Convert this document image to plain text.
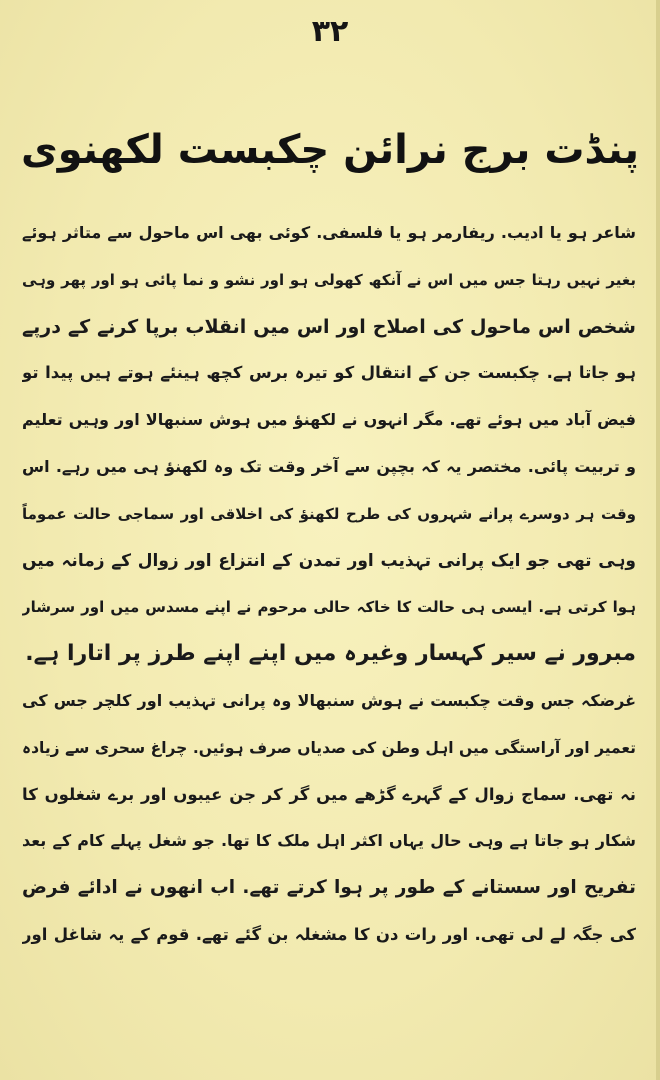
۳۲
پنڈت برج نرائن چکبست لکھنوی
شاعر ہو یا ادیب. ریفارمر ہو یا فلسفی. کوئی بھی اس ماحول سے متاثر ہوئے
بغیر نہیں رہتا جس میں اس نے آنکھ کھولی ہو اور نشو و نما پائی ہو اور پھر وہی
شخص اس ماحول کی اصلاح اور اس میں انقلاب برپا کرنے کے درپے
ہو جاتا ہے. چکبست جن کے انتقال کو تیرہ برس کچھ ہینئے ہوتے ہیں پیدا تو
فیض آباد میں ہوئے تھے. مگر انہوں نے لکھنؤ میں ہوش سنبھالا اور وہیں تعلیم
و تربیت پائی. مختصر یہ کہ بچپن سے آخر وقت تک وہ لکھنؤ ہی میں رہے. اس
وقت ہر دوسرے پرانے شہروں کی طرح لکھنؤ کی اخلاقی اور سماجی حالت عموماً
وہی تھی جو ایک پرانی تہذیب اور تمدن کے انتزاع اور زوال کے زمانہ میں
ہوا کرتی ہے. ایسی ہی حالت کا خاکہ حالی مرحوم نے اپنے مسدس میں اور سرشار
مبرور نے سیر کہسار وغیرہ میں اپنے اپنے طرز پر اتارا ہے.
غرضکہ جس وقت چکبست نے ہوش سنبھالا وہ پرانی تہذیب اور کلچر جس کی
تعمیر اور آراستگی میں اہل وطن کی صدیاں صرف ہوئیں. چراغ سحری سے زیادہ
نہ تھی. سماج زوال کے گہرے گڑھے میں گر کر جن عیبوں اور برے شغلوں کا
شکار ہو جاتا ہے وہی حال یہاں اکثر اہل ملک کا تھا. جو شغل پہلے کام کے بعد
تفریح اور سستانے کے طور پر ہوا کرتے تھے. اب انھوں نے ادائے فرض
کی جگہ لے لی تھی. اور رات دن کا مشغلہ بن گئے تھے. قوم کے یہ شاغل اور
